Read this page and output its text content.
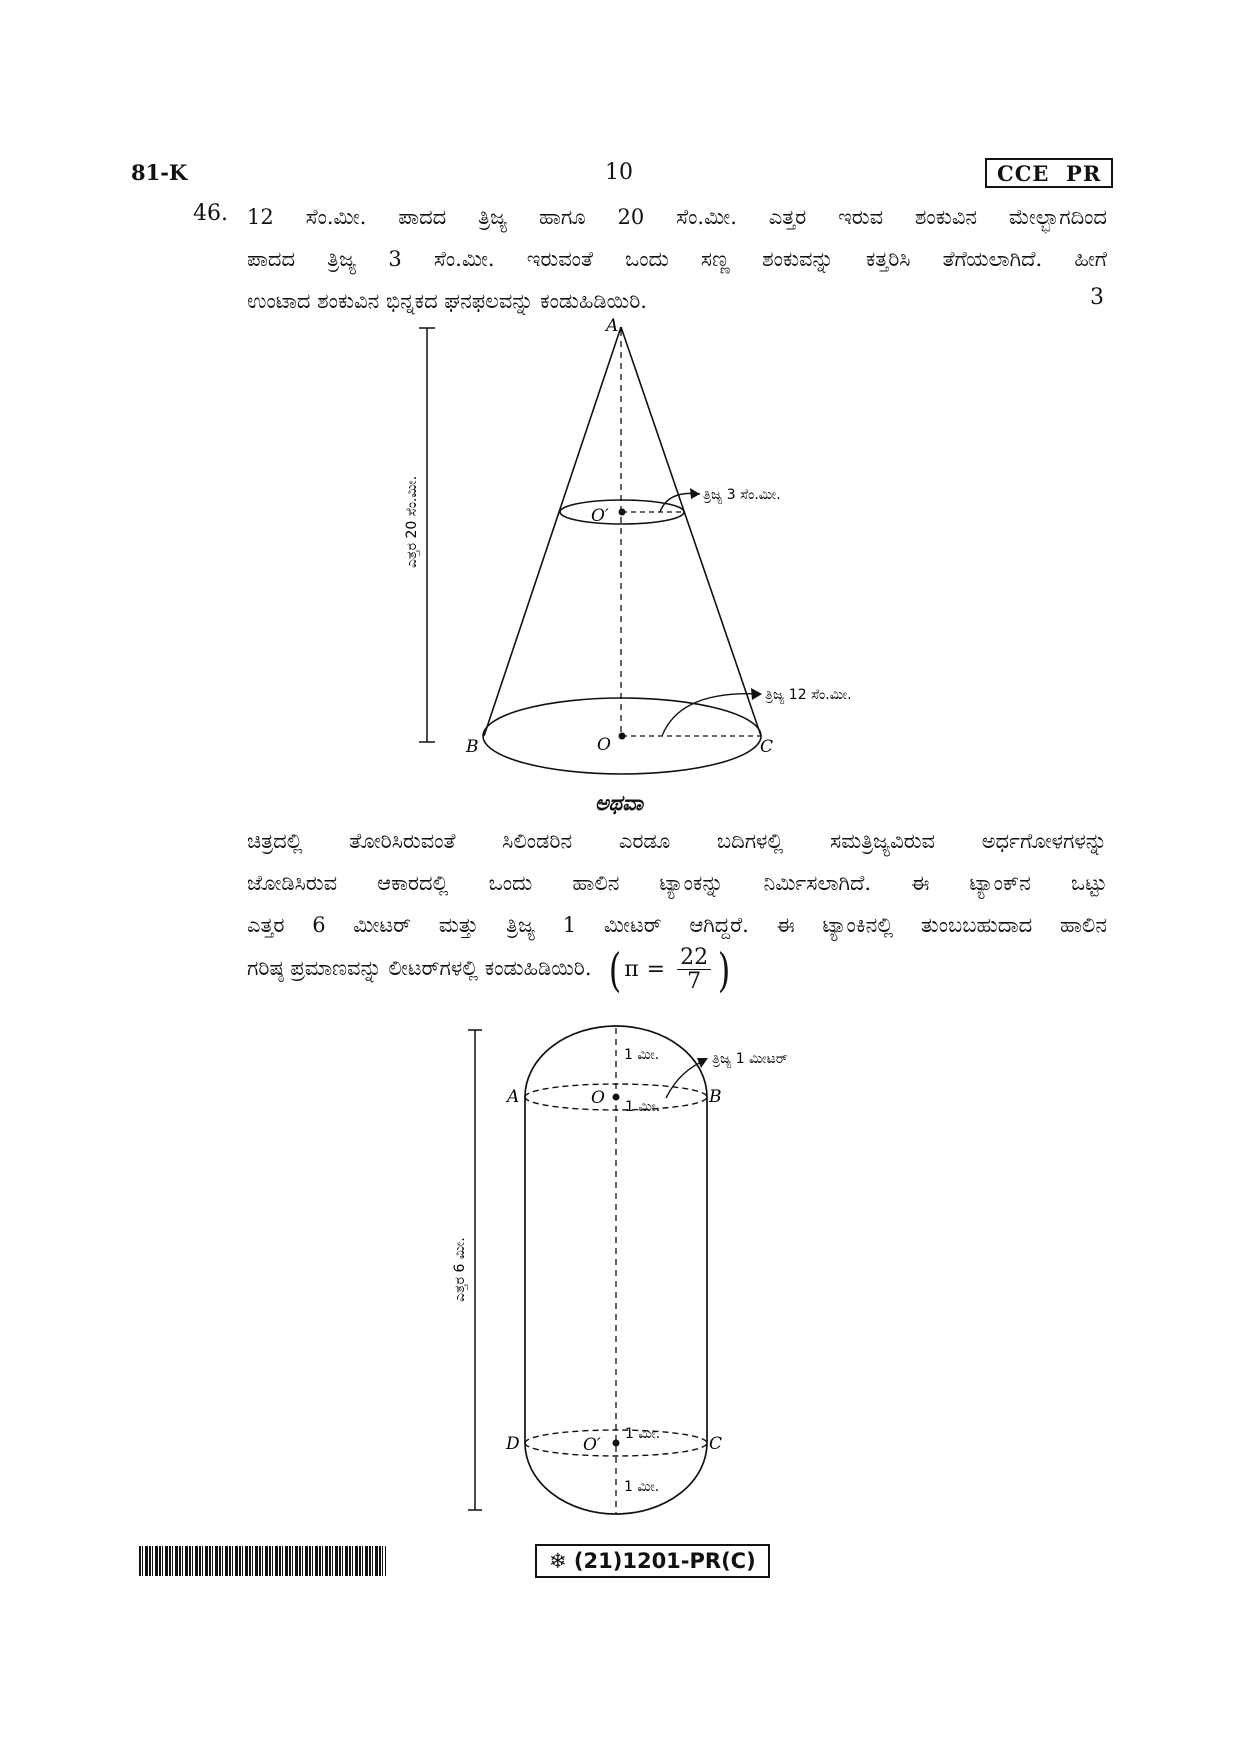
81-K	10	CCE  PR
46. 12 ಸೆಂ.ಮೀ. ಪಾದದ ತ್ರಿಜ್ಯ ಹಾಗೂ 20 ಸೆಂ.ಮೀ. ಎತ್ತರ ಇರುವ ಶಂಕುವಿನ ಮೇಲ್ಭಾಗದಿಂದ
ಪಾದದ ತ್ರಿಜ್ಯ 3 ಸೆಂ.ಮೀ. ಇರುವಂತೆ ಒಂದು ಸಣ್ಣ ಶಂಕುವನ್ನು ಕತ್ತರಿಸಿ ತೆಗೆಯಲಾಗಿದೆ. ಹೀಗೆ
ಉಂಟಾದ ಶಂಕುವಿನ ಭಿನ್ನಕದ ಘನಫಲವನ್ನು ಕಂಡುಹಿಡಿಯಿರಿ.	3
A
O′
O
B	C
ತ್ರಿಜ್ಯ 3 ಸೆಂ.ಮೀ.
ತ್ರಿಜ್ಯ 12 ಸೆಂ.ಮೀ.
ಎತ್ತರ 20 ಸೆಂ.ಮೀ.
ಅಥವಾ
ಚಿತ್ರದಲ್ಲಿ ತೋರಿಸಿರುವಂತೆ ಸಿಲಿಂಡರಿನ ಎರಡೂ ಬದಿಗಳಲ್ಲಿ ಸಮತ್ರಿಜ್ಯವಿರುವ ಅರ್ಧಗೋಳಗಳನ್ನು
ಜೋಡಿಸಿರುವ ಆಕಾರದಲ್ಲಿ ಒಂದು ಹಾಲಿನ ಟ್ಯಾಂಕನ್ನು ನಿರ್ಮಿಸಲಾಗಿದೆ. ಈ ಟ್ಯಾಂಕ್‌ನ ಒಟ್ಟು
ಎತ್ತರ 6 ಮೀಟರ್ ಮತ್ತು ತ್ರಿಜ್ಯ 1 ಮೀಟರ್ ಆಗಿದ್ದರೆ. ಈ ಟ್ಯಾಂಕಿನಲ್ಲಿ ತುಂಬಬಹುದಾದ ಹಾಲಿನ
ಗರಿಷ್ಠ ಪ್ರಮಾಣವನ್ನು ಲೀಟರ್‌ಗಳಲ್ಲಿ ಕಂಡುಹಿಡಿಯಿರಿ. ( $\pi = \frac{22}{7}$ )
A	B
C
D
O
O′
1 ಮೀ.
1 ಮೀ.
1 ಮೀ.
1 ಮೀ.
ತ್ರಿಜ್ಯ 1 ಮೀಟರ್
ಎತ್ತರ 6 ಮೀ.
❄ (21)1201-PR(C)
